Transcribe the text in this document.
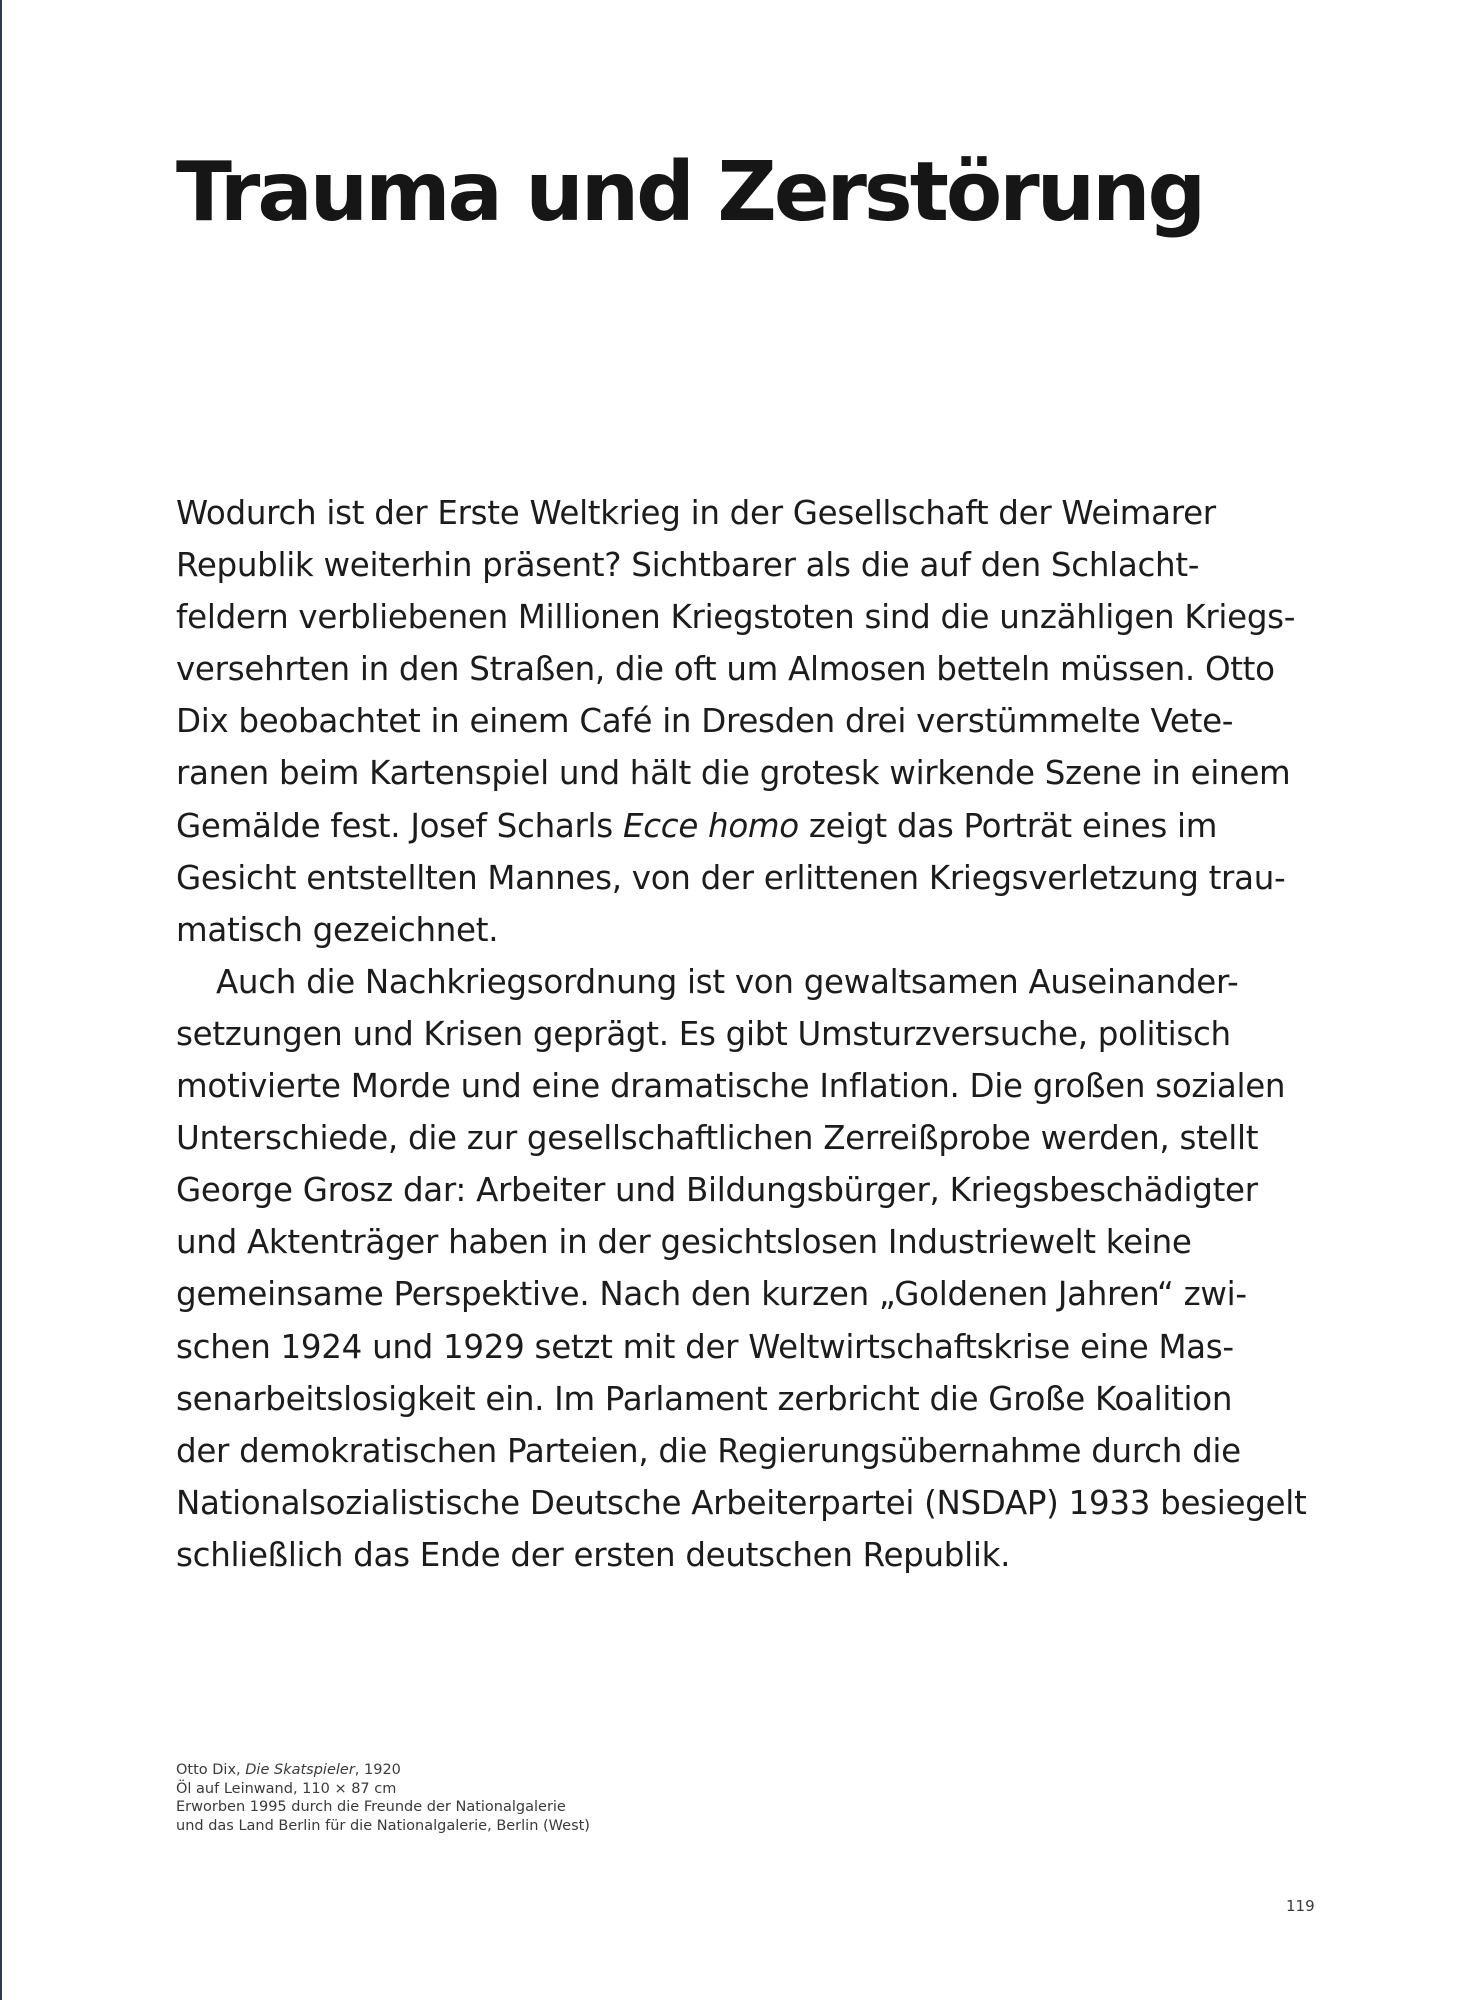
Trauma und Zerstörung
Wodurch ist der Erste Weltkrieg in der Gesellschaft der Weimarer
Republik weiterhin präsent? Sichtbarer als die auf den Schlacht-
feldern verbliebenen Millionen Kriegstoten sind die unzähligen Kriegs-
versehrten in den Straßen, die oft um Almosen betteln müssen. Otto
Dix beobachtet in einem Café in Dresden drei verstümmelte Vete-
ranen beim Kartenspiel und hält die grotesk wirkende Szene in einem
Gemälde fest. Josef Scharls Ecce homo zeigt das Porträt eines im
Gesicht entstellten Mannes, von der erlittenen Kriegsverletzung trau-
matisch gezeichnet.
Auch die Nachkriegsordnung ist von gewaltsamen Auseinander-
setzungen und Krisen geprägt. Es gibt Umsturzversuche, politisch
motivierte Morde und eine dramatische Inflation. Die großen sozialen
Unterschiede, die zur gesellschaftlichen Zerreißprobe werden, stellt
George Grosz dar: Arbeiter und Bildungsbürger, Kriegsbeschädigter
und Aktenträger haben in der gesichtslosen Industriewelt keine
gemeinsame Perspektive. Nach den kurzen „Goldenen Jahren“ zwi-
schen 1924 und 1929 setzt mit der Weltwirtschaftskrise eine Mas-
senarbeitslosigkeit ein. Im Parlament zerbricht die Große Koalition
der demokratischen Parteien, die Regierungsübernahme durch die
Nationalsozialistische Deutsche Arbeiterpartei (NSDAP) 1933 besiegelt
schließlich das Ende der ersten deutschen Republik.
Otto Dix, Die Skatspieler, 1920
Öl auf Leinwand, 110 × 87 cm
Erworben 1995 durch die Freunde der Nationalgalerie
und das Land Berlin für die Nationalgalerie, Berlin (West)
119
